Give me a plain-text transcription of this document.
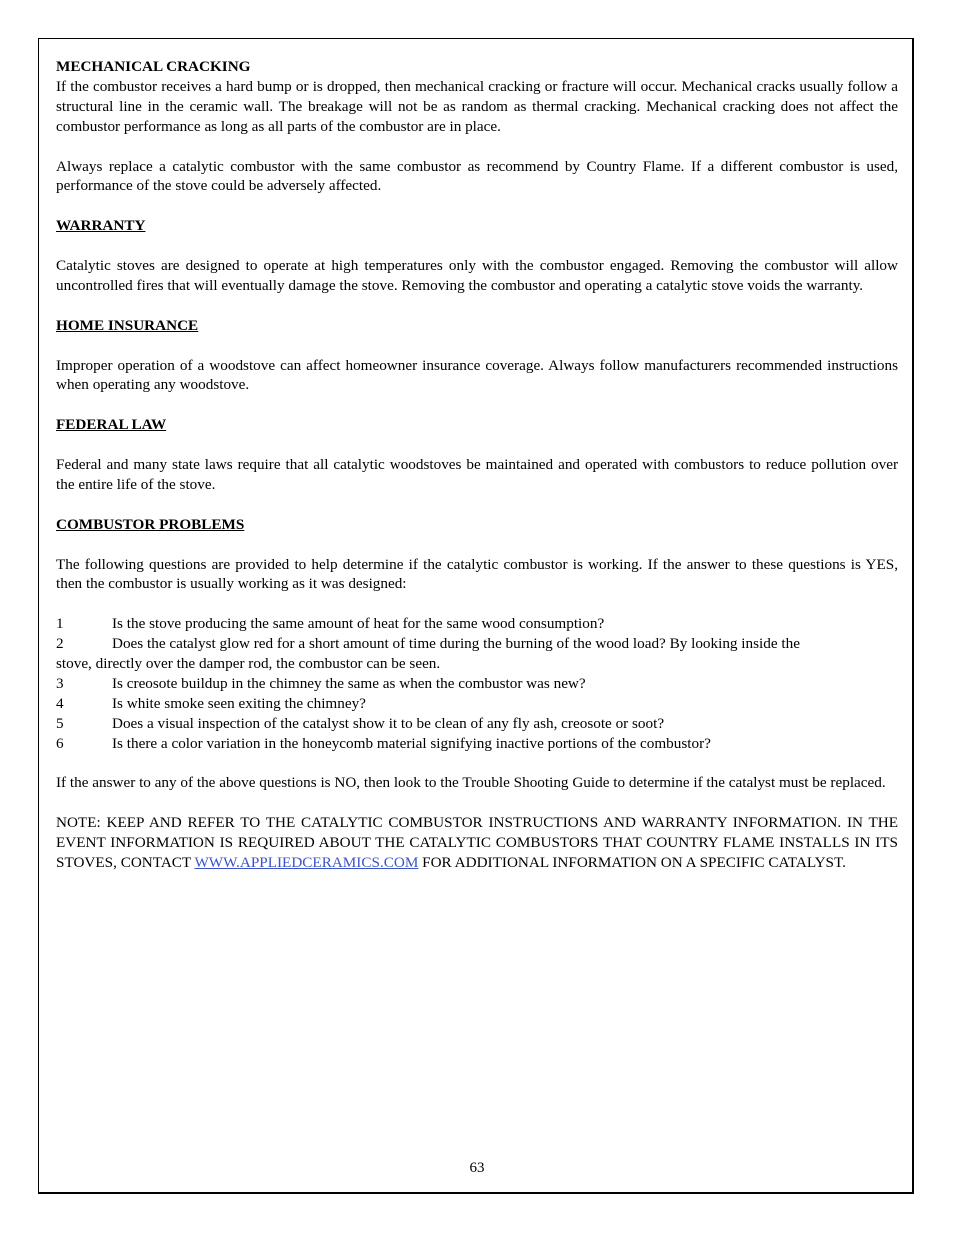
MECHANICAL CRACKING

If the combustor receives a hard bump or is dropped, then mechanical cracking or fracture will occur. Mechanical cracks usually follow a structural line in the ceramic wall. The breakage will not be as random as thermal cracking. Mechanical cracking does not affect the combustor performance as long as all parts of the combustor are in place.

Always replace a catalytic combustor with the same combustor as recommend by Country Flame. If a different combustor is used, performance of the stove could be adversely affected.

WARRANTY

Catalytic stoves are designed to operate at high temperatures only with the combustor engaged. Removing the combustor will allow uncontrolled fires that will eventually damage the stove. Removing the combustor and operating a catalytic stove voids the warranty.

HOME INSURANCE

Improper operation of a woodstove can affect homeowner insurance coverage. Always follow manufacturers recommended instructions when operating any woodstove.

FEDERAL LAW

Federal and many state laws require that all catalytic woodstoves be maintained and operated with combustors to reduce pollution over the entire life of the stove.

COMBUSTOR PROBLEMS

The following questions are provided to help determine if the catalytic combustor is working. If the answer to these questions is YES, then the combustor is usually working as it was designed:

1	Is the stove producing the same amount of heat for the same wood consumption?
2	Does the catalyst glow red for a short amount of time during the burning of the wood load? By looking inside the
stove, directly over the damper rod, the combustor can be seen.
3	Is creosote buildup in the chimney the same as when the combustor was new?
4	Is white smoke seen exiting the chimney?
5	Does a visual inspection of the catalyst show it to be clean of any fly ash, creosote or soot?
6	Is there a color variation in the honeycomb material signifying inactive portions of the combustor?

If the answer to any of the above questions is NO, then look to the Trouble Shooting Guide to determine if the catalyst must be replaced.

NOTE: KEEP AND REFER TO THE CATALYTIC COMBUSTOR INSTRUCTIONS AND WARRANTY INFORMATION. IN THE EVENT INFORMATION IS REQUIRED ABOUT THE CATALYTIC COMBUSTORS THAT COUNTRY FLAME INSTALLS IN ITS STOVES, CONTACT WWW.APPLIEDCERAMICS.COM FOR ADDITIONAL INFORMATION ON A SPECIFIC CATALYST.

63
